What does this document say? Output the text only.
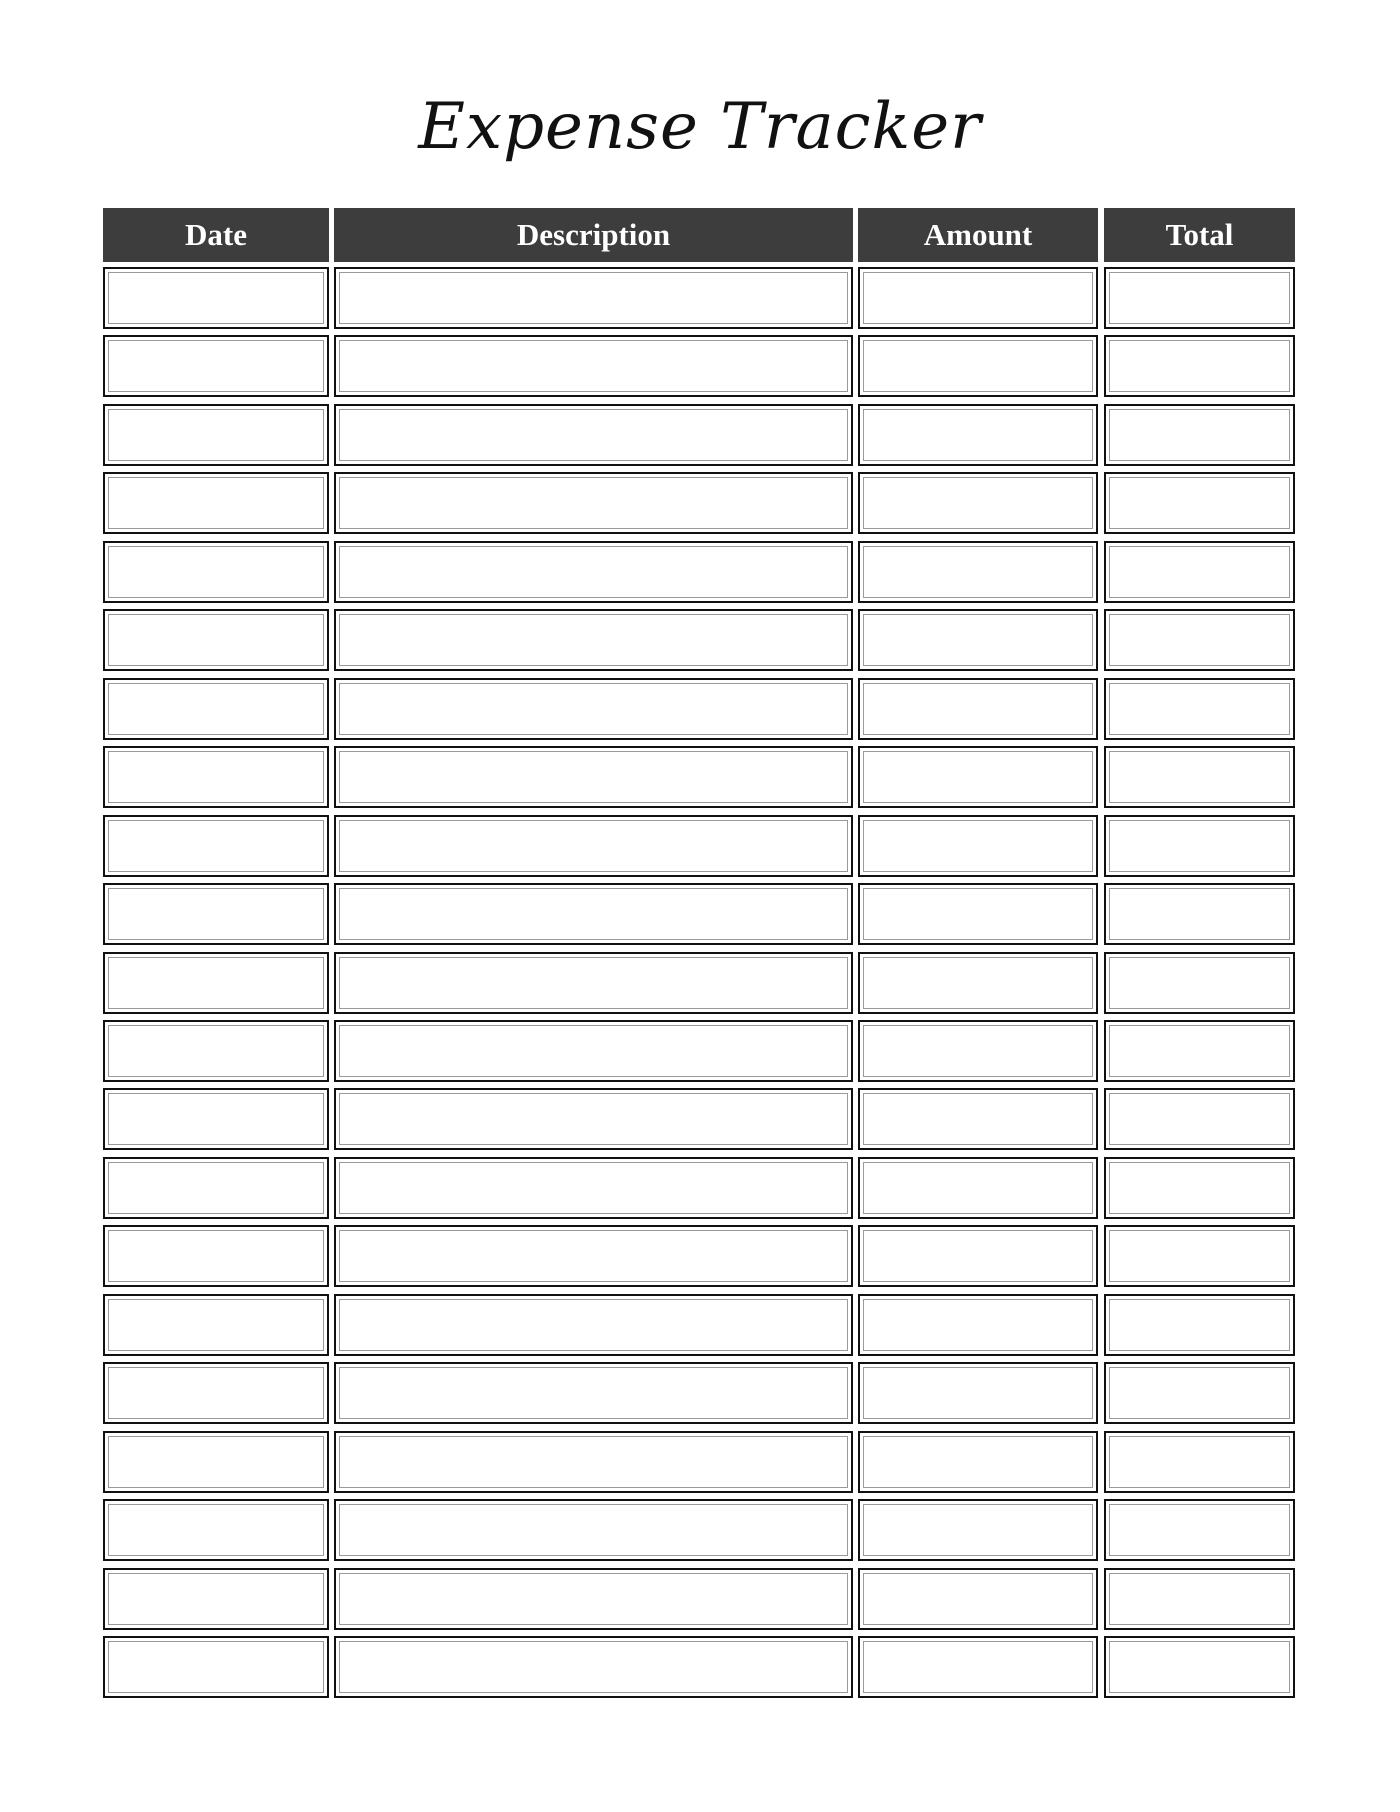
Expense Tracker
Date	Description	Amount	Total
